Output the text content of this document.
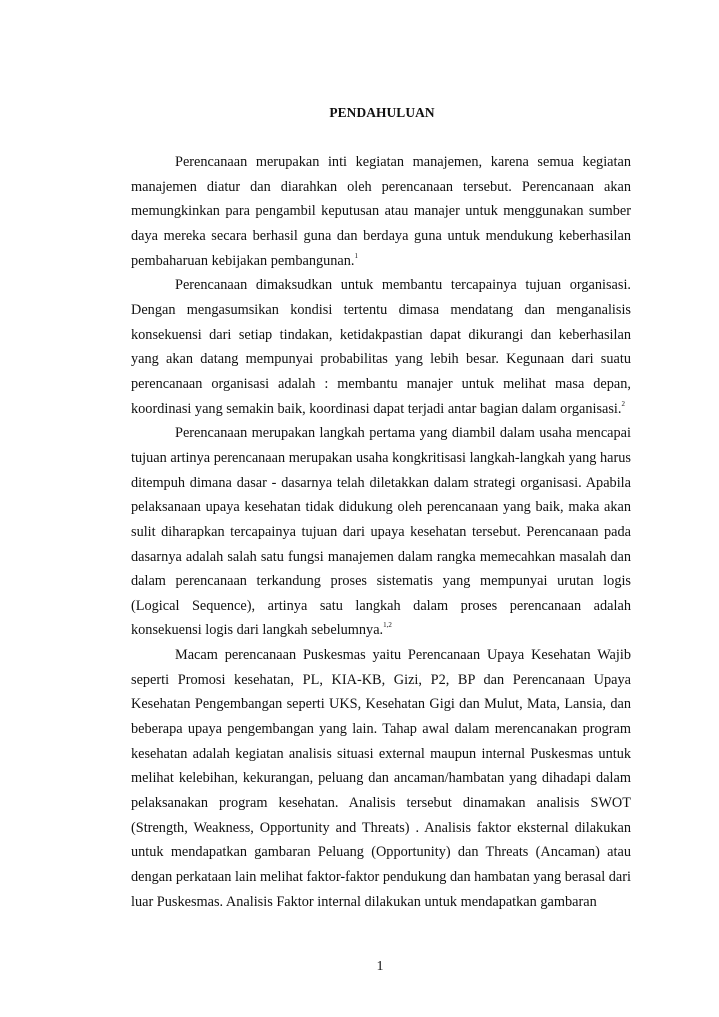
PENDAHULUAN

Perencanaan merupakan inti kegiatan manajemen, karena semua kegiatan manajemen diatur dan diarahkan oleh perencanaan tersebut. Perencanaan akan memungkinkan para pengambil keputusan atau manajer untuk menggunakan sumber daya mereka secara berhasil guna dan berdaya guna untuk mendukung keberhasilan pembaharuan kebijakan pembangunan.$^1$

Perencanaan dimaksudkan untuk membantu tercapainya tujuan organisasi. Dengan mengasumsikan kondisi tertentu dimasa mendatang dan menganalisis konsekuensi dari setiap tindakan, ketidakpastian dapat dikurangi dan keberhasilan yang akan datang mempunyai probabilitas yang lebih besar. Kegunaan dari suatu perencanaan organisasi adalah : membantu manajer untuk melihat masa depan, koordinasi yang semakin baik, koordinasi dapat terjadi antar bagian dalam organisasi.$^2$

Perencanaan merupakan langkah pertama yang diambil dalam usaha mencapai tujuan artinya perencanaan merupakan usaha kongkritisasi langkah-langkah yang harus ditempuh dimana dasar - dasarnya telah diletakkan dalam strategi organisasi. Apabila pelaksanaan upaya kesehatan tidak didukung oleh perencanaan yang baik, maka akan sulit diharapkan tercapainya tujuan dari upaya kesehatan tersebut. Perencanaan pada dasarnya adalah salah satu fungsi manajemen dalam rangka memecahkan masalah dan dalam perencanaan terkandung proses sistematis yang mempunyai urutan logis (Logical Sequence), artinya satu langkah dalam proses perencanaan adalah konsekuensi logis dari langkah sebelumnya.$^{1,2}$

Macam perencanaan Puskesmas yaitu Perencanaan Upaya Kesehatan Wajib seperti Promosi kesehatan, PL, KIA-KB, Gizi, P2, BP dan Perencanaan Upaya Kesehatan Pengembangan seperti UKS, Kesehatan Gigi dan Mulut, Mata, Lansia, dan beberapa upaya pengembangan yang lain. Tahap awal dalam merencanakan program kesehatan adalah kegiatan analisis situasi external maupun internal Puskesmas untuk melihat kelebihan, kekurangan, peluang dan ancaman/hambatan yang dihadapi dalam pelaksanakan program kesehatan. Analisis tersebut dinamakan analisis SWOT (Strength, Weakness, Opportunity and Threats) . Analisis faktor eksternal dilakukan untuk mendapatkan gambaran Peluang (Opportunity) dan Threats (Ancaman) atau dengan perkataan lain melihat faktor-faktor pendukung dan hambatan yang berasal dari luar Puskesmas. Analisis Faktor internal dilakukan untuk mendapatkan gambaran

1
